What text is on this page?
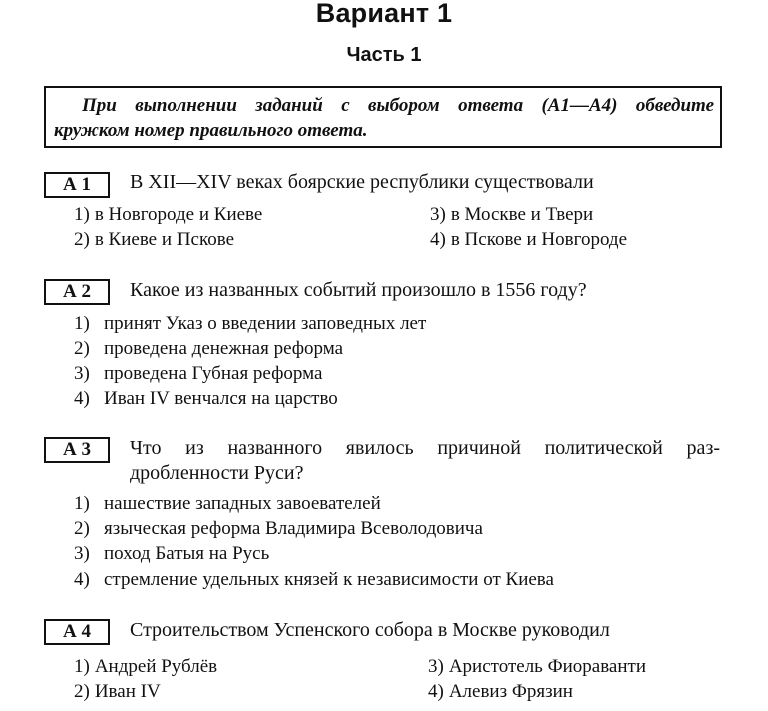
Вариант 1
Часть 1
При выполнении заданий с выбором ответа (А1—А4) обведите
кружком номер правильного ответа.
А 1	В XII—XIV веках боярские республики существовали
1) в Новгороде и Киеве
2) в Киеве и Пскове
3) в Москве и Твери
4) в Пскове и Новгороде
А 2	Какое из названных событий произошло в 1556 году?
1) принят Указ о введении заповедных лет
2) проведена денежная реформа
3) проведена Губная реформа
4) Иван IV венчался на царство
А 3	Что из названного явилось причиной политической раз-
дробленности Руси?
1) нашествие западных завоевателей
2) языческая реформа Владимира Всеволодовича
3) поход Батыя на Русь
4) стремление удельных князей к независимости от Киева
А 4	Строительством Успенского собора в Москве руководил
1) Андрей Рублёв
2) Иван IV
3) Аристотель Фиораванти
4) Алевиз Фрязин
